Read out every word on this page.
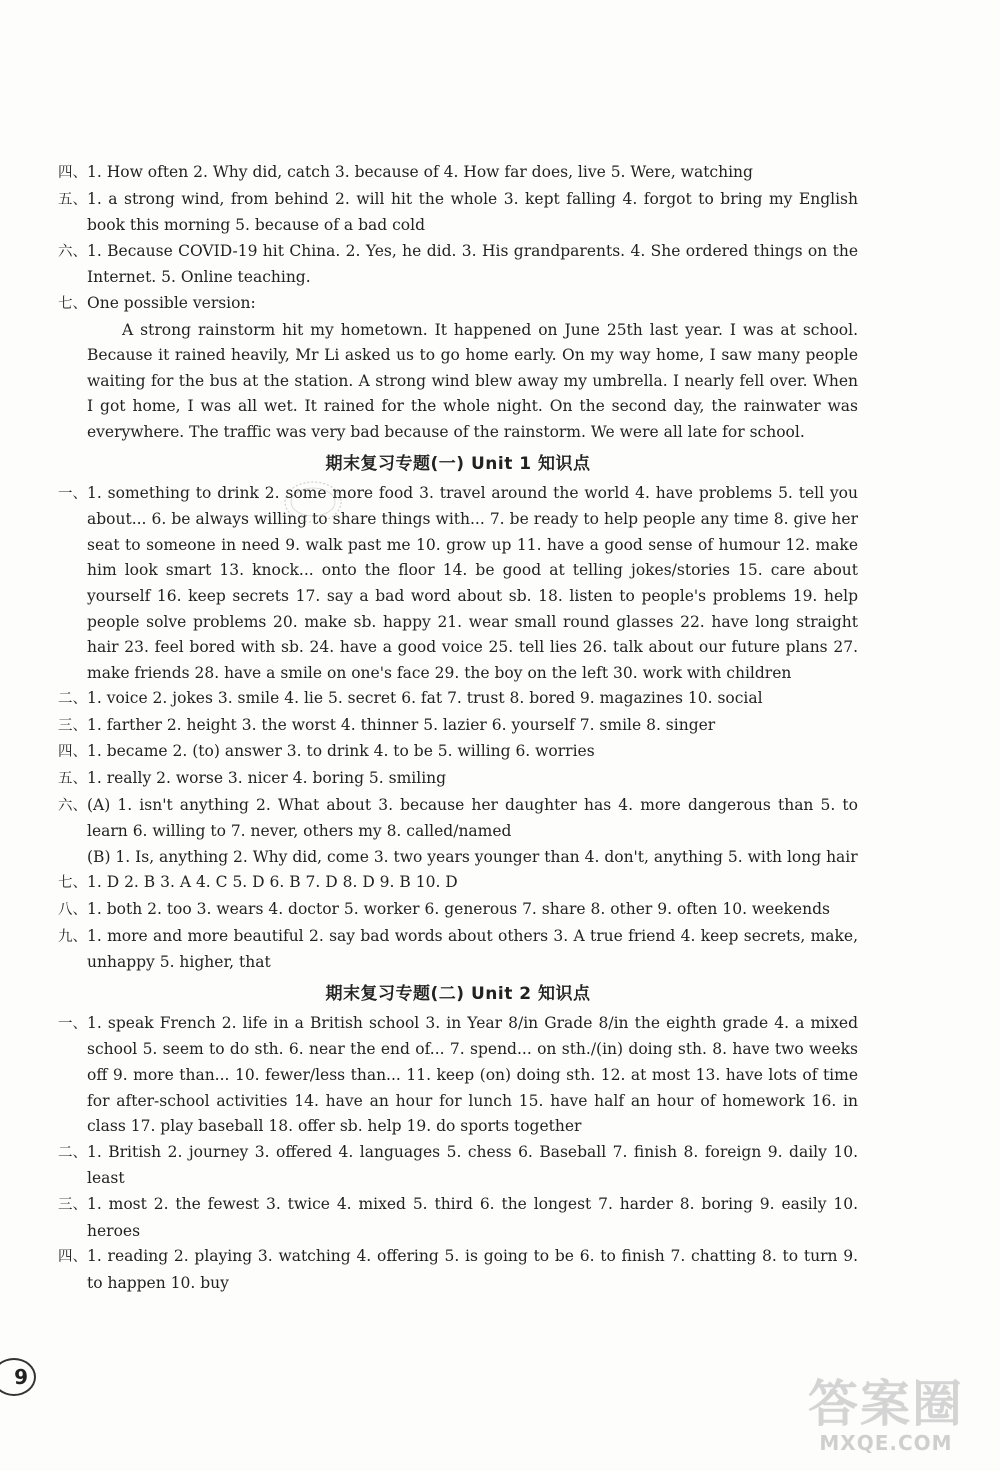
四、1. How often 2. Why did, catch 3. because of 4. How far does, live 5. Were, watching
五、1. a strong wind, from behind 2. will hit the whole 3. kept falling 4. forgot to bring my English book this morning 5. because of a bad cold
六、1. Because COVID-19 hit China. 2. Yes, he did. 3. His grandparents. 4. She ordered things on the Internet. 5. Online teaching.
七、One possible version:

A strong rainstorm hit my hometown. It happened on June 25th last year. I was at school. Because it rained heavily, Mr Li asked us to go home early. On my way home, I saw many people waiting for the bus at the station. A strong wind blew away my umbrella. I nearly fell over. When I got home, I was all wet. It rained for the whole night. On the second day, the rainwater was everywhere. The traffic was very bad because of the rainstorm. We were all late for school.

期末复习专题(一) Unit 1 知识点
一、1. something to drink 2. some more food 3. travel around the world 4. have problems 5. tell you about... 6. be always willing to share things with... 7. be ready to help people any time 8. give her seat to someone in need 9. walk past me 10. grow up 11. have a good sense of humour 12. make him look smart 13. knock... onto the floor 14. be good at telling jokes/stories 15. care about yourself 16. keep secrets 17. say a bad word about sb. 18. listen to people's problems 19. help people solve problems 20. make sb. happy 21. wear small round glasses 22. have long straight hair 23. feel bored with sb. 24. have a good voice 25. tell lies 26. talk about our future plans 27. make friends 28. have a smile on one's face 29. the boy on the left 30. work with children
二、1. voice 2. jokes 3. smile 4. lie 5. secret 6. fat 7. trust 8. bored 9. magazines 10. social
三、1. farther 2. height 3. the worst 4. thinner 5. lazier 6. yourself 7. smile 8. singer
四、1. became 2. (to) answer 3. to drink 4. to be 5. willing 6. worries
五、1. really 2. worse 3. nicer 4. boring 5. smiling
六、(A) 1. isn't anything 2. What about 3. because her daughter has 4. more dangerous than 5. to learn 6. willing to 7. never, others my 8. called/named
(B) 1. Is, anything 2. Why did, come 3. two years younger than 4. don't, anything 5. with long hair
七、1. D 2. B 3. A 4. C 5. D 6. B 7. D 8. D 9. B 10. D
八、1. both 2. too 3. wears 4. doctor 5. worker 6. generous 7. share 8. other 9. often 10. weekends
九、1. more and more beautiful 2. say bad words about others 3. A true friend 4. keep secrets, make, unhappy 5. higher, that
期末复习专题(二) Unit 2 知识点
一、1. speak French 2. life in a British school 3. in Year 8/in Grade 8/in the eighth grade 4. a mixed school 5. seem to do sth. 6. near the end of... 7. spend... on sth./(in) doing sth. 8. have two weeks off 9. more than... 10. fewer/less than... 11. keep (on) doing sth. 12. at most 13. have lots of time for after-school activities 14. have an hour for lunch 15. have half an hour of homework 16. in class 17. play baseball 18. offer sb. help 19. do sports together
二、1. British 2. journey 3. offered 4. languages 5. chess 6. Baseball 7. finish 8. foreign 9. daily 10. least
三、1. most 2. the fewest 3. twice 4. mixed 5. third 6. the longest 7. harder 8. boring 9. easily 10. heroes
四、1. reading 2. playing 3. watching 4. offering 5. is going to be 6. to finish 7. chatting 8. to turn 9. to happen 10. buy
9	答案圈
MXQE.COM
